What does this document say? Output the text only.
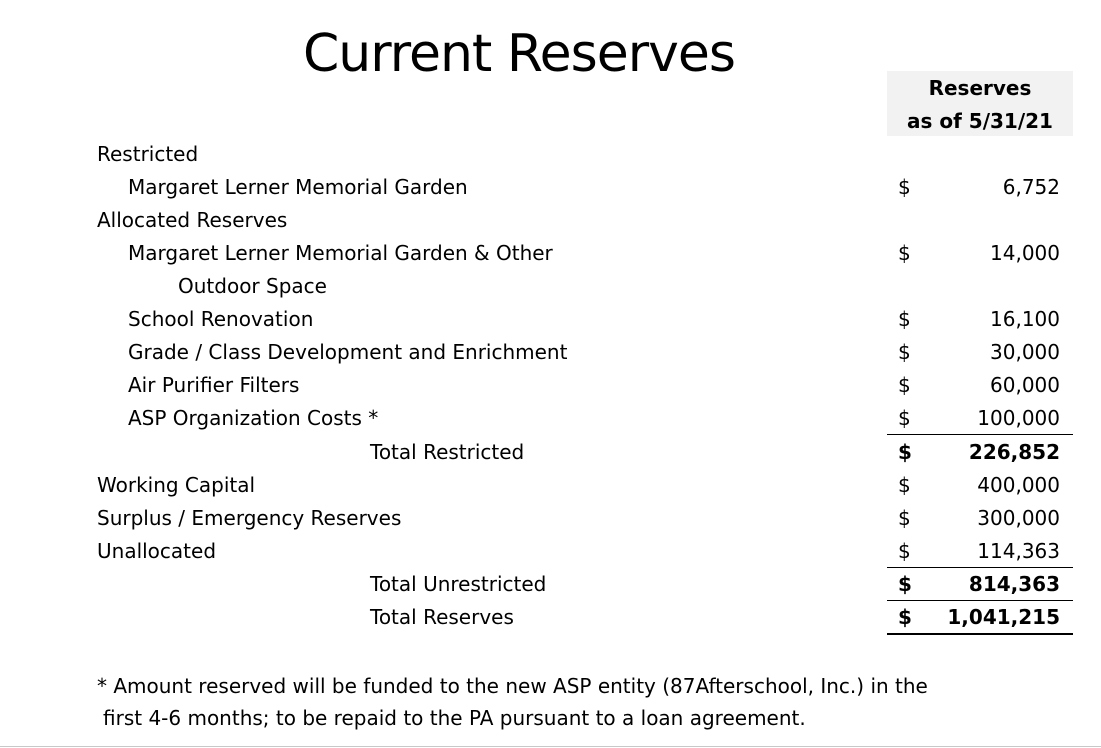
Current Reserves
Reserves
as of 5/31/21
Restricted
Margaret Lerner Memorial Garden	$	6,752
Allocated Reserves
Margaret Lerner Memorial Garden & Other	$	14,000
Outdoor Space
School Renovation	$	16,100
Grade / Class Development and Enrichment	$	30,000
Air Purifier Filters	$	60,000
ASP Organization Costs *	$	100,000
Total Restricted	$	226,852
Working Capital	$	400,000
Surplus / Emergency Reserves	$	300,000
Unallocated	$	114,363
Total Unrestricted	$	814,363
Total Reserves	$	1,041,215
* Amount reserved will be funded to the new ASP entity (87Afterschool, Inc.) in the
first 4-6 months; to be repaid to the PA pursuant to a loan agreement.
